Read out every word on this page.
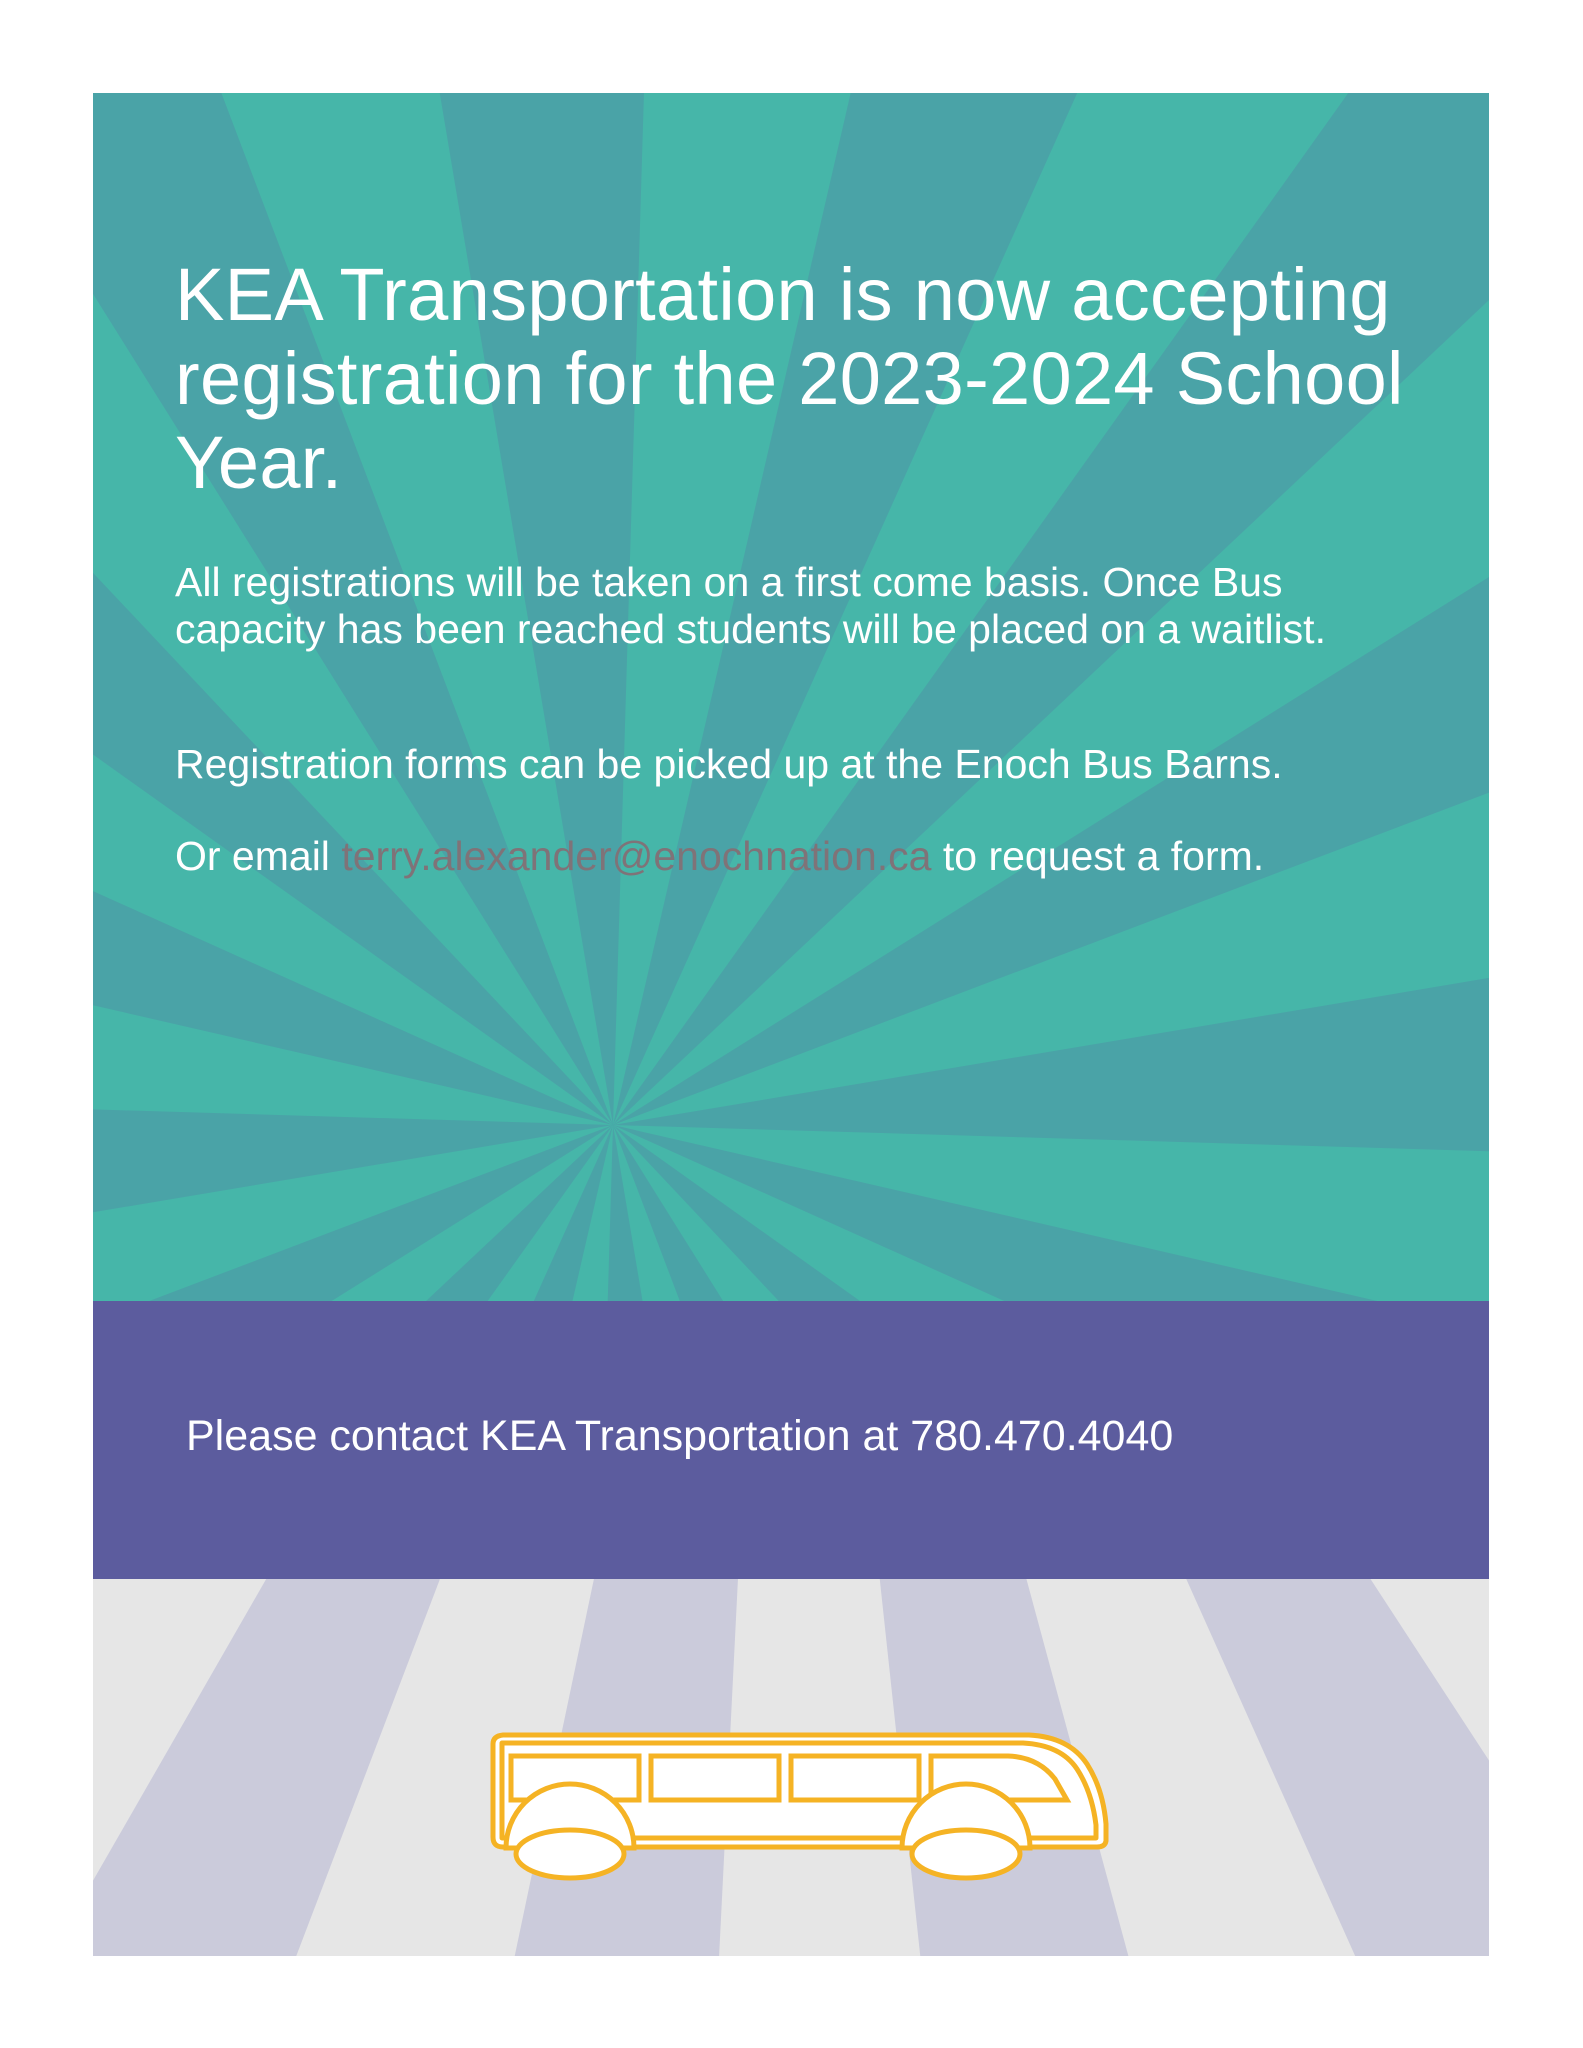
KEA Transportation is now accepting registration for the 2023-2024 School Year.

All registrations will be taken on a first come basis. Once Bus capacity has been reached students will be placed on a waitlist.

Registration forms can be picked up at the Enoch Bus Barns.

Or email terry.alexander@enochnation.ca to request a form.

Please contact KEA Transportation at 780.470.4040
